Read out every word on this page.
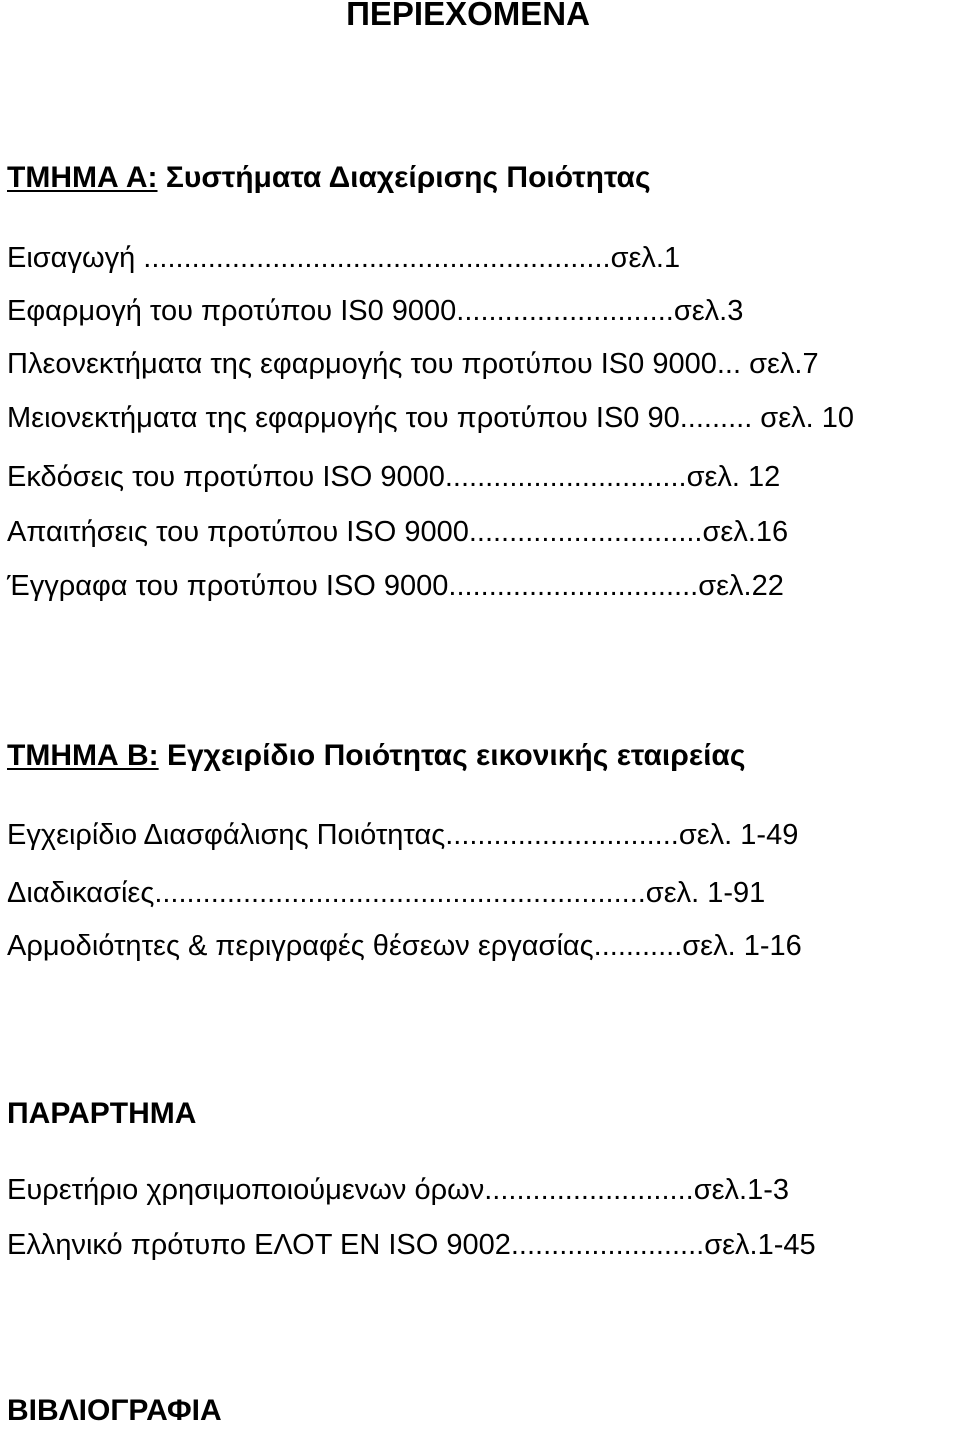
ΠΕΡΙΕΧΟΜΕΝΑ
ΤΜΗΜΑ Α: Συστήματα Διαχείρισης Ποιότητας
Εισαγωγή ..........................................................σελ.1
Εφαρμογή του προτύπου IS0 9000...........................σελ.3
Πλεονεκτήματα της εφαρμογής του προτύπου IS0 9000... σελ.7
Μειονεκτήματα της εφαρμογής του προτύπου IS0 90......... σελ. 10
Εκδόσεις του προτύπου ISO 9000..............................σελ. 12
Απαιτήσεις του προτύπου ISO 9000.............................σελ.16
Έγγραφα του προτύπου ISO 9000...............................σελ.22
ΤΜΗΜΑ Β: Εγχειρίδιο Ποιότητας εικονικής εταιρείας
Εγχειρίδιο Διασφάλισης Ποιότητας.............................σελ. 1-49
Διαδικασίες.............................................................σελ. 1-91
Αρμοδιότητες & περιγραφές θέσεων εργασίας...........σελ. 1-16
ΠΑΡΑΡΤΗΜΑ
Ευρετήριο χρησιμοποιούμενων όρων..........................σελ.1-3
Ελληνικό πρότυπο ΕΛΟΤ ΕΝ ISO 9002........................σελ.1-45
ΒΙΒΛΙΟΓΡΑΦΙΑ
